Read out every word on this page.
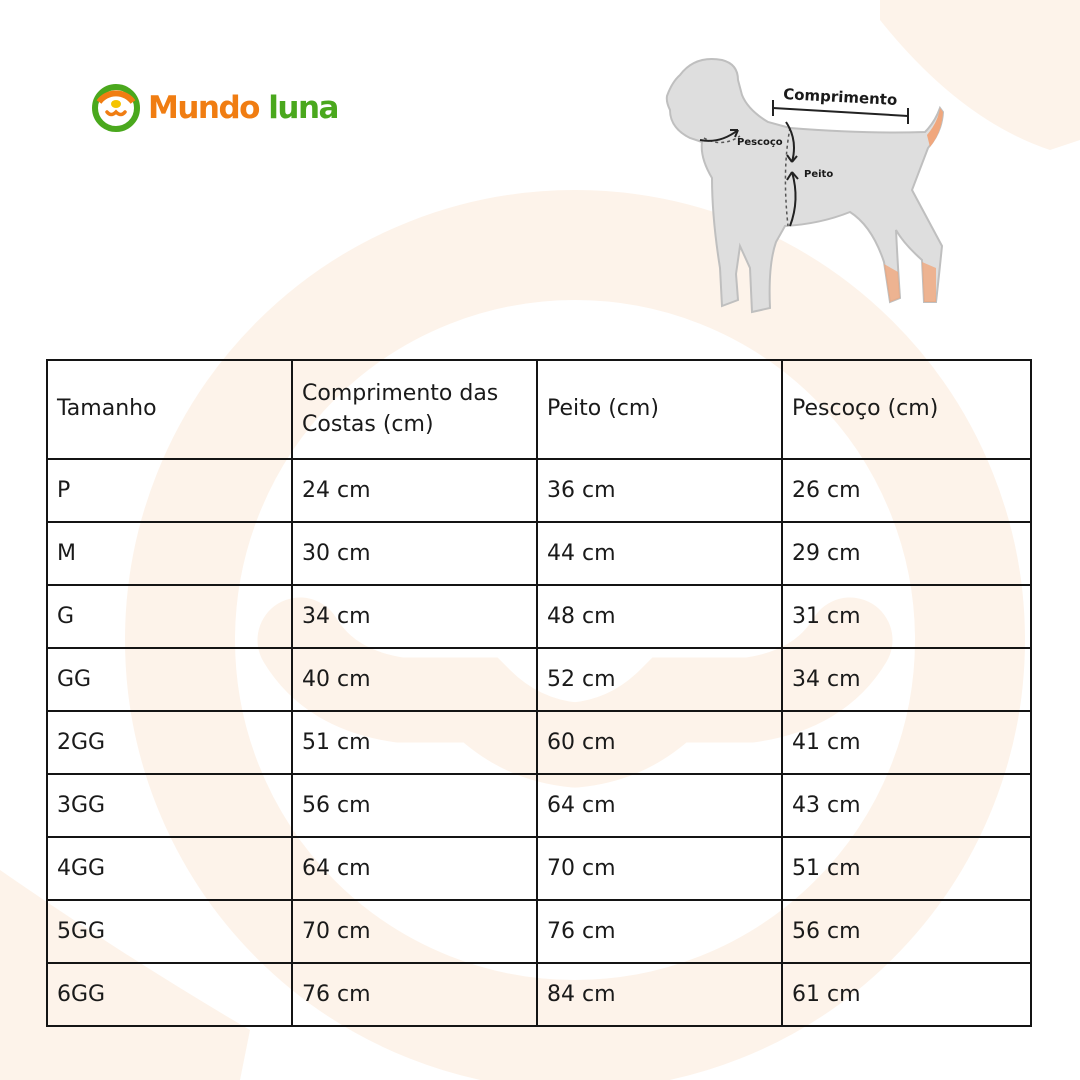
Mundo luna	Comprimento
Pescoço
Peito
Tamanho	Comprimento das Costas (cm)	Peito (cm)	Pescoço (cm)
P	24 cm	36 cm	26 cm
M	30 cm	44 cm	29 cm
G	34 cm	48 cm	31 cm
GG	40 cm	52 cm	34 cm
2GG	51 cm	60 cm	41 cm
3GG	56 cm	64 cm	43 cm
4GG	64 cm	70 cm	51 cm
5GG	70 cm	76 cm	56 cm
6GG	76 cm	84 cm	61 cm
